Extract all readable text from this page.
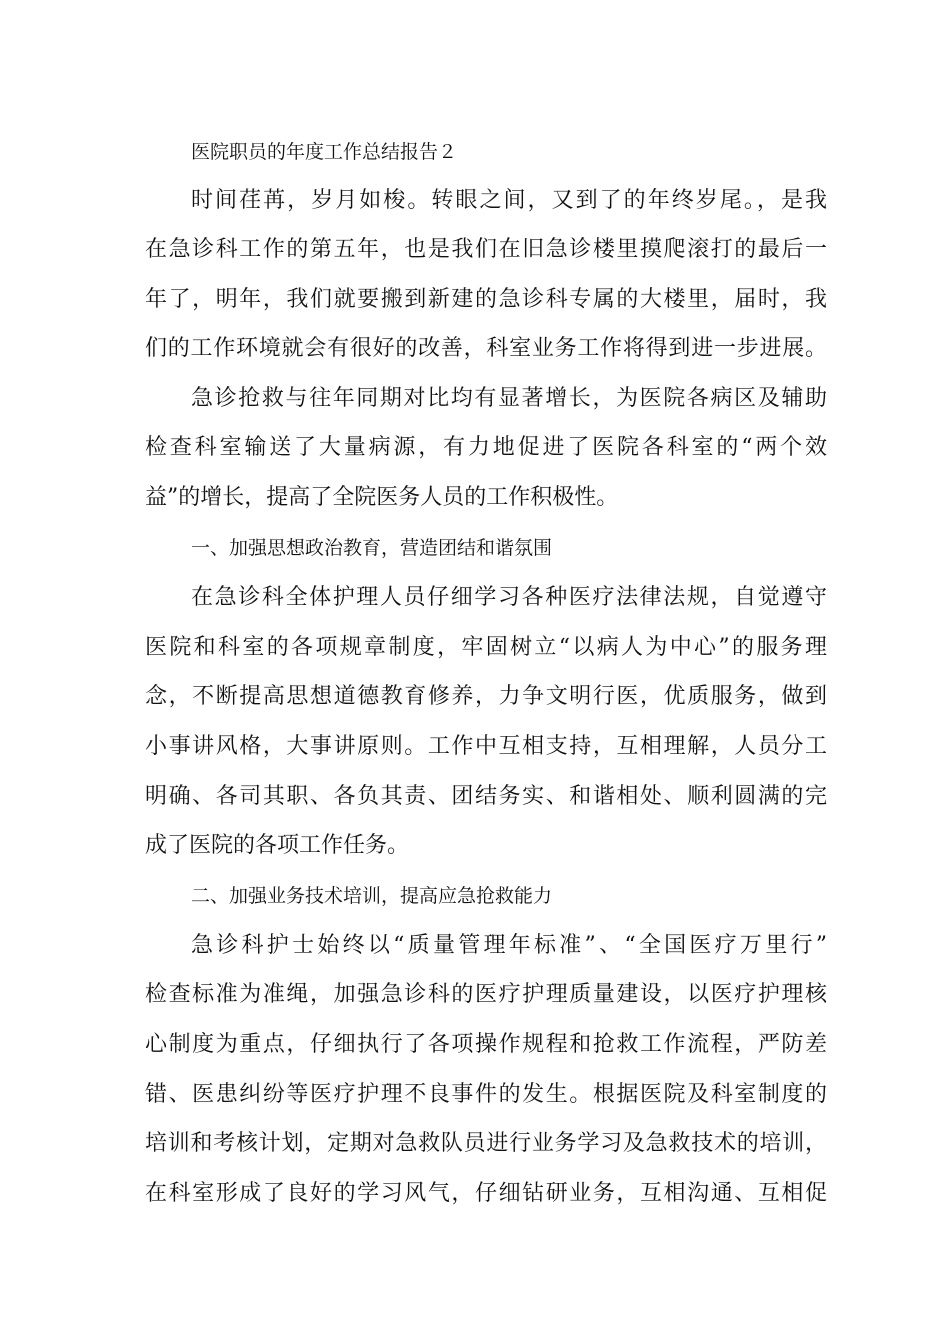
医院职员的年度工作总结报告２
时间荏苒，岁月如梭。转眼之间，又到了的年终岁尾。，是我
在急诊科工作的第五年，也是我们在旧急诊楼里摸爬滚打的最后一
年了，明年，我们就要搬到新建的急诊科专属的大楼里，届时，我
们的工作环境就会有很好的改善，科室业务工作将得到进一步进展。
急诊抢救与往年同期对比均有显著增长，为医院各病区及辅助
检查科室输送了大量病源，有力地促进了医院各科室的“两个效
益”的增长，提高了全院医务人员的工作积极性。
一、加强思想政治教育，营造团结和谐氛围
在急诊科全体护理人员仔细学习各种医疗法律法规，自觉遵守
医院和科室的各项规章制度，牢固树立“以病人为中心”的服务理
念，不断提高思想道德教育修养，力争文明行医，优质服务，做到
小事讲风格，大事讲原则。工作中互相支持，互相理解，人员分工
明确、各司其职、各负其责、团结务实、和谐相处、顺利圆满的完
成了医院的各项工作任务。
二、加强业务技术培训，提高应急抢救能力
急诊科护士始终以“质量管理年标准”、“全国医疗万里行”
检查标准为准绳，加强急诊科的医疗护理质量建设，以医疗护理核
心制度为重点，仔细执行了各项操作规程和抢救工作流程，严防差
错、医患纠纷等医疗护理不良事件的发生。根据医院及科室制度的
培训和考核计划，定期对急救队员进行业务学习及急救技术的培训，
在科室形成了良好的学习风气，仔细钻研业务，互相沟通、互相促
